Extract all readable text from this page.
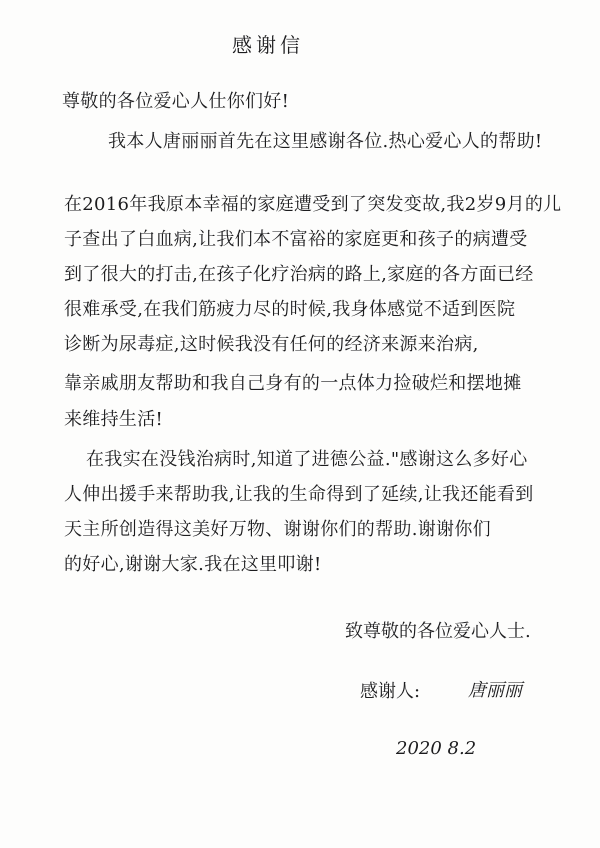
感谢信
尊敬的各位爱心人仕你们好!
我本人唐丽丽首先在这里感谢各位.热心爱心人的帮助!
在2016年我原本幸福的家庭遭受到了突发变故,我2岁9月的儿
子查出了白血病,让我们本不富裕的家庭更和孩子的病遭受
到了很大的打击,在孩子化疗治病的路上,家庭的各方面已经
很难承受,在我们筋疲力尽的时候,我身体感觉不适到医院
诊断为尿毒症,这时候我没有任何的经济来源来治病,
靠亲戚朋友帮助和我自己身有的一点体力捡破烂和摆地摊
来维持生活!
在我实在没钱治病时,知道了进德公益."感谢这么多好心
人伸出援手来帮助我,让我的生命得到了延续,让我还能看到
天主所创造得这美好万物、谢谢你们的帮助.谢谢你们
的好心,谢谢大家.我在这里叩谢!
致尊敬的各位爱心人士.
感谢人:	唐丽丽
2020 8.2
